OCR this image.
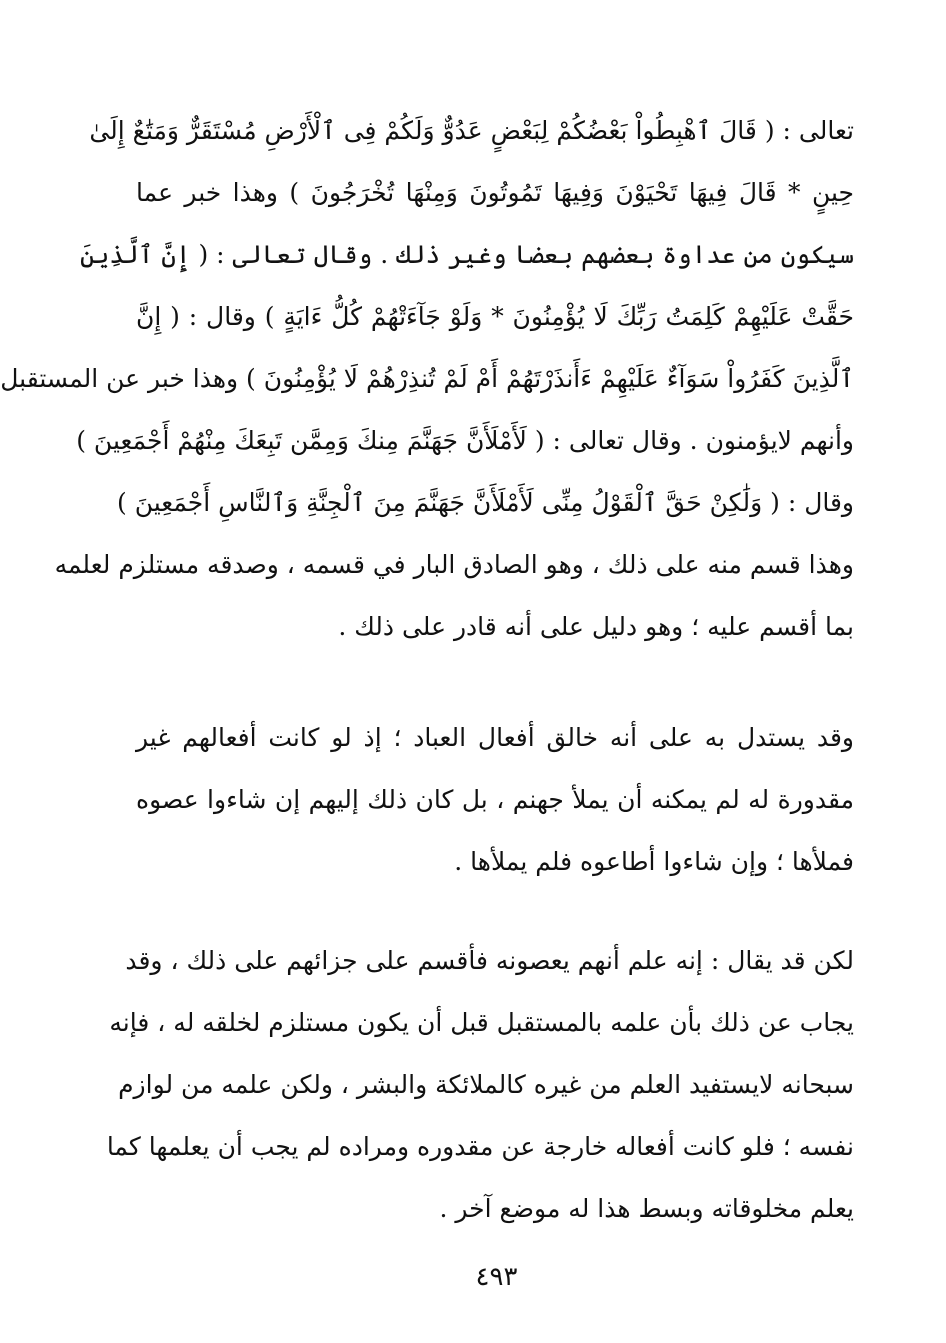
تعالى : ( قَالَ ٱهْبِطُواْ بَعْضُكُمْ لِبَعْضٍ عَدُوٌّ وَلَكُمْ فِى ٱلْأَرْضِ مُسْتَقَرٌّ وَمَتَٰعٌ إِلَىٰ
حِينٍ * قَالَ فِيهَا تَحْيَوْنَ وَفِيهَا تَمُوتُونَ وَمِنْهَا تُخْرَجُونَ ) وهذا خبر عما
سيكون من عداوة بعضهم بعضا وغير ذلك . وقال تعالى : ( إِنَّ ٱلَّذِينَ
حَقَّتْ عَلَيْهِمْ كَلِمَتُ رَبِّكَ لَا يُؤْمِنُونَ * وَلَوْ جَآءَتْهُمْ كُلُّ ءَايَةٍ ) وقال : ( إِنَّ
ٱلَّذِينَ كَفَرُواْ سَوَآءٌ عَلَيْهِمْ ءَأَنذَرْتَهُمْ أَمْ لَمْ تُنذِرْهُمْ لَا يُؤْمِنُونَ ) وهذا خبر عن المستقبل
وأنهم لايؤمنون . وقال تعالى : ( لَأَمْلَأَنَّ جَهَنَّمَ مِنكَ وَمِمَّن تَبِعَكَ مِنْهُمْ أَجْمَعِينَ )
وقال : ( وَلَٰكِنْ حَقَّ ٱلْقَوْلُ مِنِّى لَأَمْلَأَنَّ جَهَنَّمَ مِنَ ٱلْجِنَّةِ وَٱلنَّاسِ أَجْمَعِينَ )
وهذا قسم منه على ذلك ، وهو الصادق البار في قسمه ، وصدقه مستلزم لعلمه
بما أقسم عليه ؛ وهو دليل على أنه قادر على ذلك .
وقد يستدل به على أنه خالق أفعال العباد ؛ إذ لو كانت أفعالهم غير
مقدورة له لم يمكنه أن يملأ جهنم ، بل كان ذلك إليهم إن شاءوا عصوه
فملأها ؛ وإن شاءوا أطاعوه فلم يملأها .
لكن قد يقال : إنه علم أنهم يعصونه فأقسم على جزائهم على ذلك ، وقد
يجاب عن ذلك بأن علمه بالمستقبل قبل أن يكون مستلزم لخلقه له ، فإنه
سبحانه لايستفيد العلم من غيره كالملائكة والبشر ، ولكن علمه من لوازم
نفسه ؛ فلو كانت أفعاله خارجة عن مقدوره ومراده لم يجب أن يعلمها كما
يعلم مخلوقاته وبسط هذا له موضع آخر .
٤٩٣
